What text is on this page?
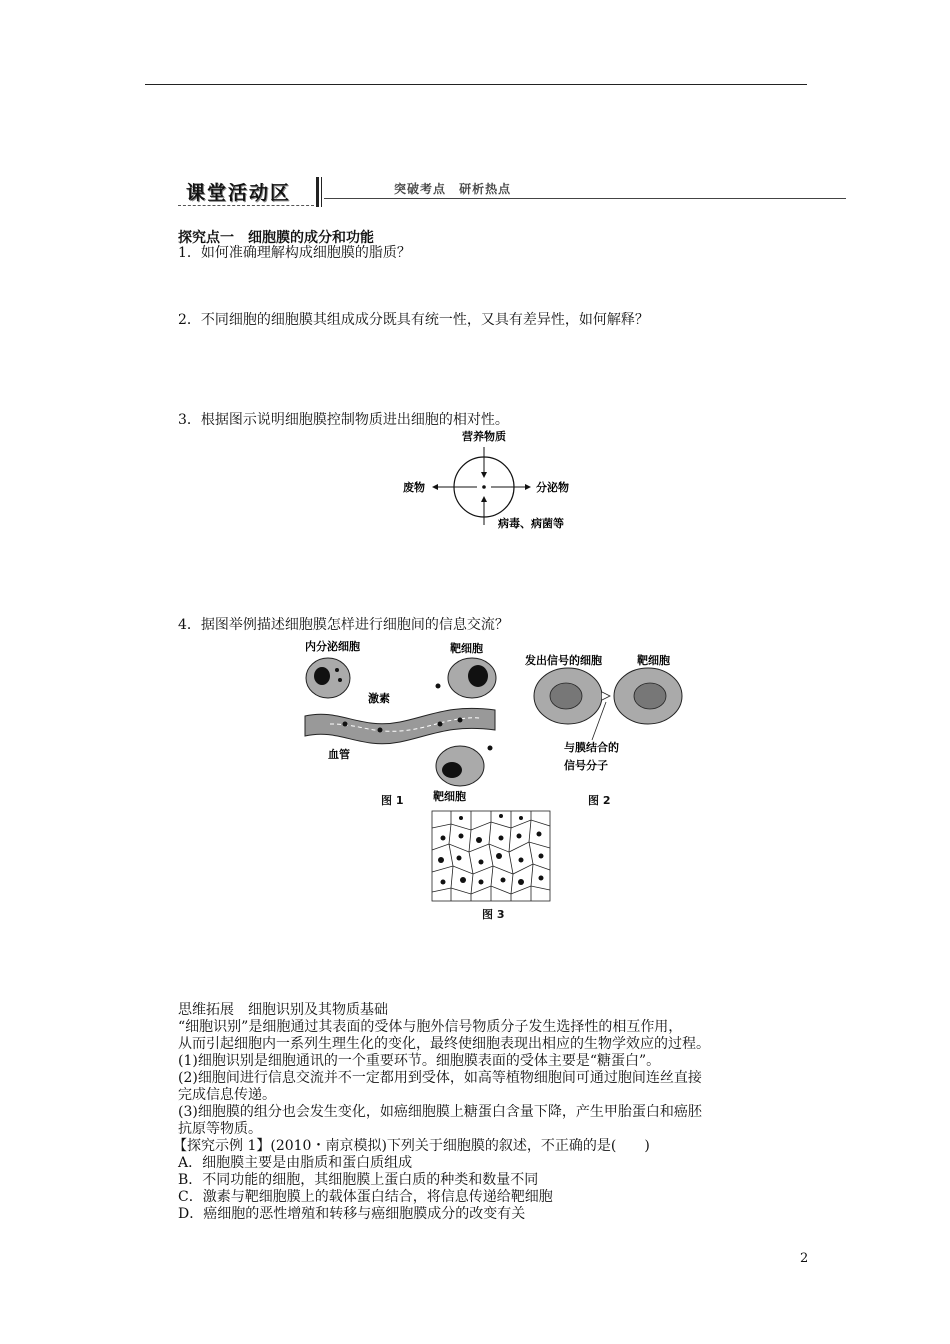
课堂活动区	突破考点 研析热点
探究点一　细胞膜的成分和功能
1．如何准确理解构成细胞膜的脂质？
2．不同细胞的细胞膜其组成成分既具有统一性，又具有差异性，如何解释？
3．根据图示说明细胞膜控制物质进出细胞的相对性。
营养物质
废物	分泌物
病毒、病菌等
4．据图举例描述细胞膜怎样进行细胞间的信息交流？
内分泌细胞	靶细胞
激素
血管
靶细胞
图 1
发出信号的细胞	靶细胞
与膜结合的
信号分子
图 2
图 3
思维拓展　细胞识别及其物质基础
“细胞识别”是细胞通过其表面的受体与胞外信号物质分子发生选择性的相互作用，
从而引起细胞内一系列生理生化的变化，最终使细胞表现出相应的生物学效应的过程。
(1)细胞识别是细胞通讯的一个重要环节。细胞膜表面的受体主要是“糖蛋白”。
(2)细胞间进行信息交流并不一定都用到受体，如高等植物细胞间可通过胞间连丝直接
完成信息传递。
(3)细胞膜的组分也会发生变化，如癌细胞膜上糖蛋白含量下降，产生甲胎蛋白和癌胚
抗原等物质。
【探究示例 1】(2010・南京模拟)下列关于细胞膜的叙述，不正确的是(　　)
A．细胞膜主要是由脂质和蛋白质组成
B．不同功能的细胞，其细胞膜上蛋白质的种类和数量不同
C．激素与靶细胞膜上的载体蛋白结合，将信息传递给靶细胞
D．癌细胞的恶性增殖和转移与癌细胞膜成分的改变有关
2
